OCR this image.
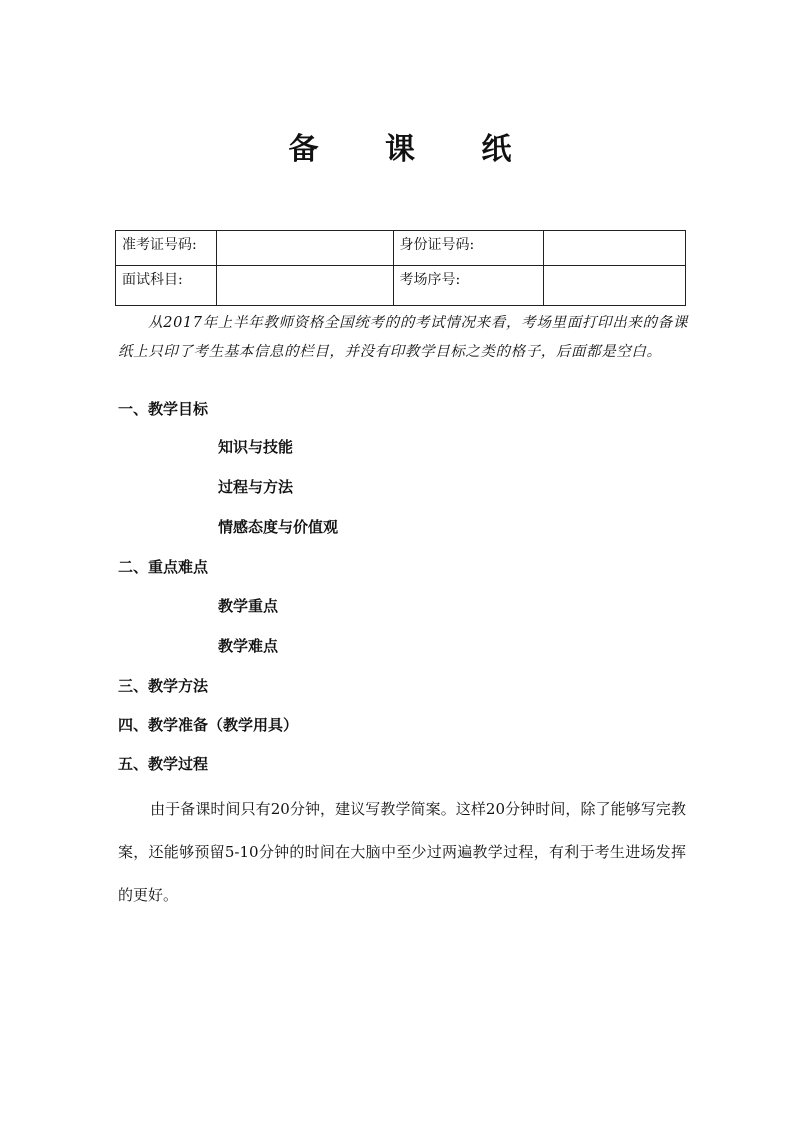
备 课 纸
准考证号码:		身份证号码:	
面试科目:		考场序号:	
从2017年上半年教师资格全国统考的的考试情况来看，考场里面打印出来的备课纸上只印了考生基本信息的栏目，并没有印教学目标之类的格子，后面都是空白。
一、教学目标
知识与技能
过程与方法
情感态度与价值观
二、重点难点
教学重点
教学难点
三、教学方法
四、教学准备（教学用具）
五、教学过程
由于备课时间只有20分钟，建议写教学简案。这样20分钟时间，除了能够写完教案，还能够预留5-10分钟的时间在大脑中至少过两遍教学过程，有利于考生进场发挥的更好。
